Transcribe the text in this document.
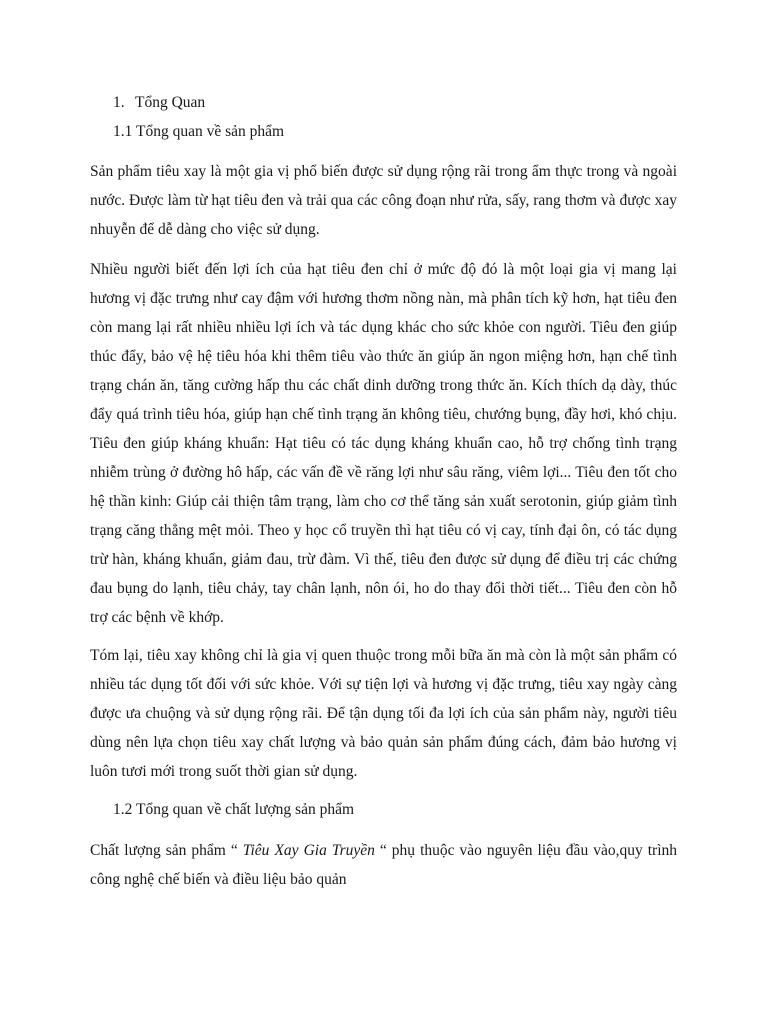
1. Tổng Quan
1.1 Tổng quan về sản phẩm

Sản phẩm tiêu xay là một gia vị phổ biến được sử dụng rộng rãi trong ẩm thực trong và ngoài nước. Được làm từ hạt tiêu đen và trải qua các công đoạn như rửa, sấy, rang thơm và được xay nhuyễn để dễ dàng cho việc sử dụng.

Nhiều người biết đến lợi ích của hạt tiêu đen chỉ ở mức độ đó là một loại gia vị mang lại hương vị đặc trưng như cay đậm với hương thơm nồng nàn, mà phân tích kỹ hơn, hạt tiêu đen còn mang lại rất nhiều nhiều lợi ích và tác dụng khác cho sức khỏe con người. Tiêu đen giúp thúc đẩy, bảo vệ hệ tiêu hóa khi thêm tiêu vào thức ăn giúp ăn ngon miệng hơn, hạn chế tình trạng chán ăn, tăng cường hấp thu các chất dinh dưỡng trong thức ăn. Kích thích dạ dày, thúc đẩy quá trình tiêu hóa, giúp hạn chế tình trạng ăn không tiêu, chướng bụng, đầy hơi, khó chịu. Tiêu đen giúp kháng khuẩn: Hạt tiêu có tác dụng kháng khuẩn cao, hỗ trợ chống tình trạng nhiễm trùng ở đường hô hấp, các vấn đề về răng lợi như sâu răng, viêm lợi... Tiêu đen tốt cho hệ thần kinh: Giúp cải thiện tâm trạng, làm cho cơ thể tăng sản xuất serotonin, giúp giảm tình trạng căng thẳng mệt mỏi. Theo y học cổ truyền thì hạt tiêu có vị cay, tính đại ôn, có tác dụng trừ hàn, kháng khuẩn, giảm đau, trừ đàm. Vì thế, tiêu đen được sử dụng để điều trị các chứng đau bụng do lạnh, tiêu chảy, tay chân lạnh, nôn ói, ho do thay đổi thời tiết... Tiêu đen còn hỗ trợ các bệnh về khớp.

Tóm lại, tiêu xay không chỉ là gia vị quen thuộc trong mỗi bữa ăn mà còn là một sản phẩm có nhiều tác dụng tốt đối với sức khỏe. Với sự tiện lợi và hương vị đặc trưng, tiêu xay ngày càng được ưa chuộng và sử dụng rộng rãi. Để tận dụng tối đa lợi ích của sản phẩm này, người tiêu dùng nên lựa chọn tiêu xay chất lượng và bảo quản sản phẩm đúng cách, đảm bảo hương vị luôn tươi mới trong suốt thời gian sử dụng.

1.2 Tổng quan về chất lượng sản phẩm

Chất lượng sản phẩm “ Tiêu Xay Gia Truyền “ phụ thuộc vào nguyên liệu đầu vào,quy trình công nghệ chế biến và điều liệu bảo quản
